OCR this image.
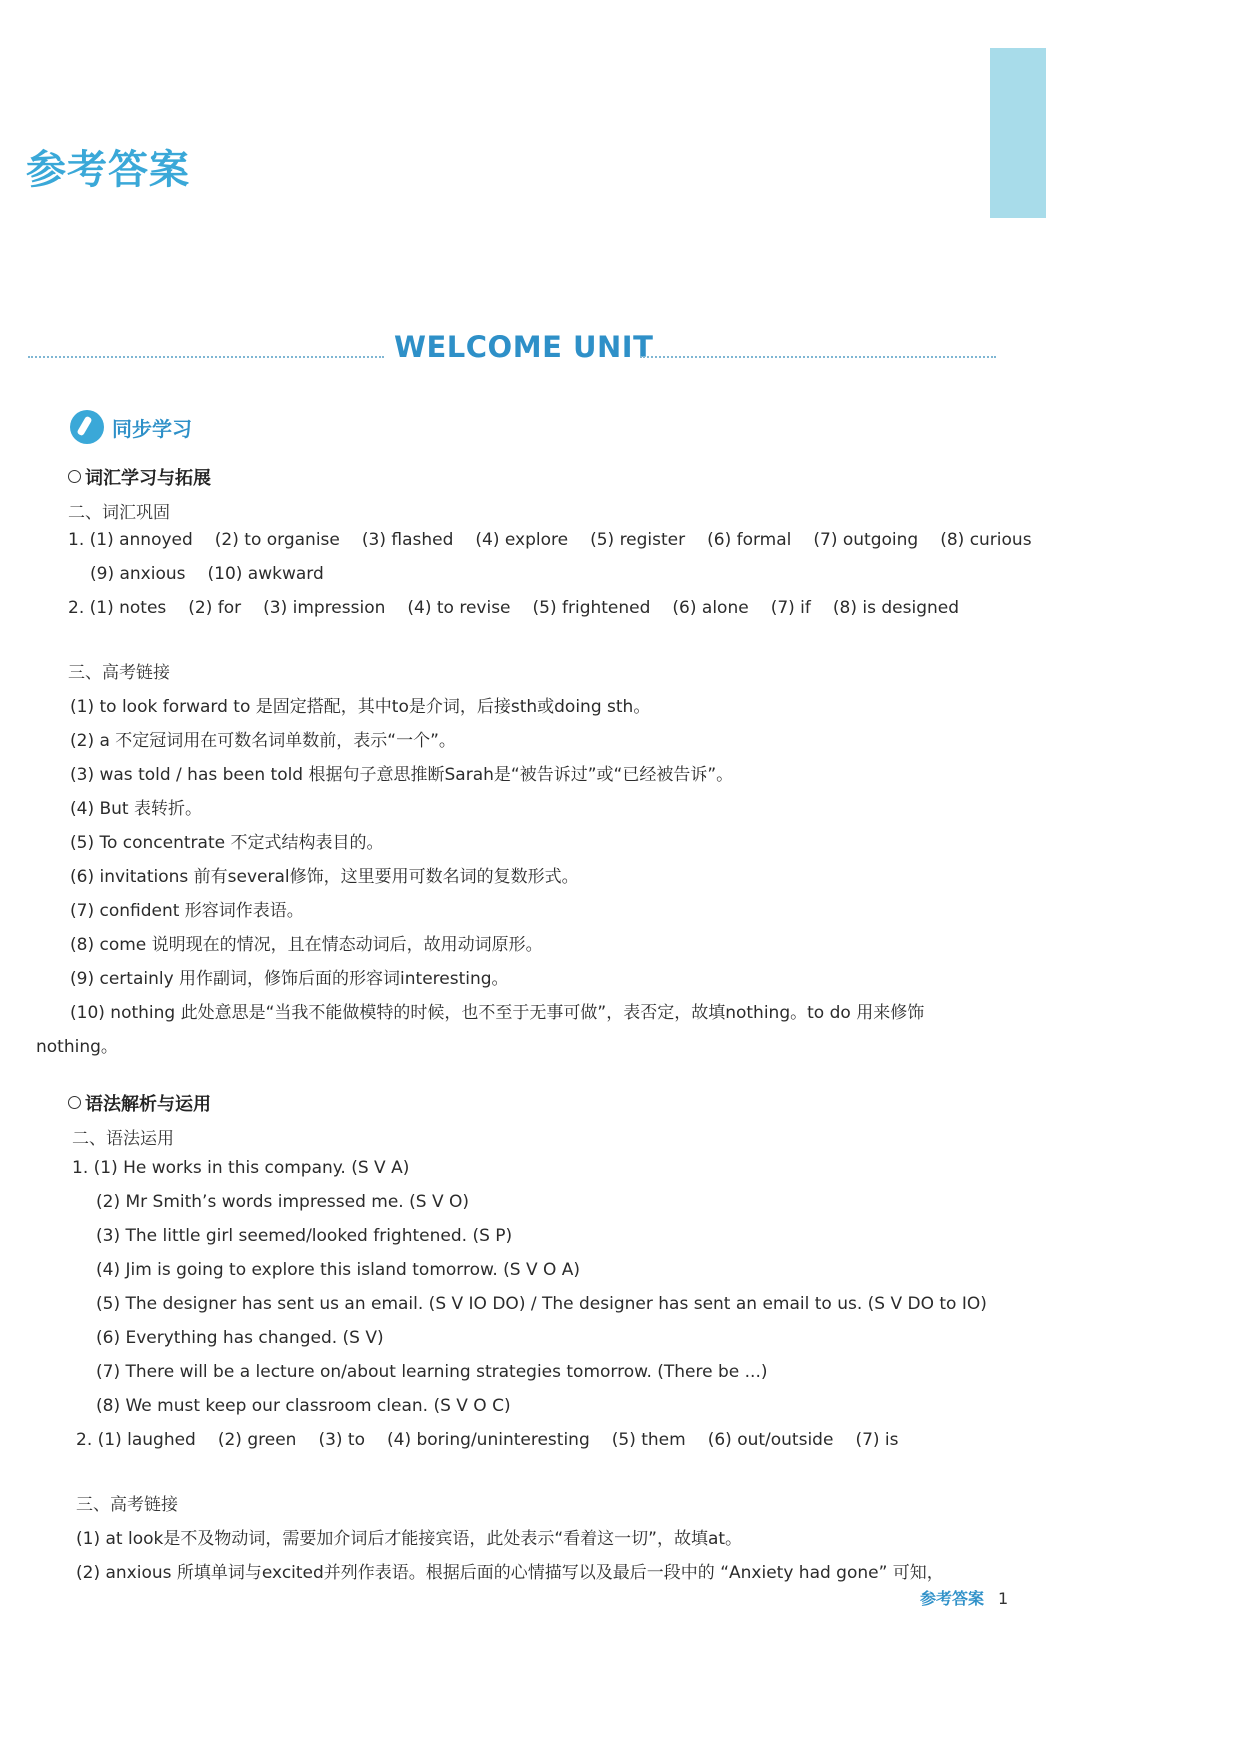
参考答案
WELCOME UNIT
同步学习
词汇学习与拓展
二、词汇巩固
1. (1) annoyed (2) to organise (3) flashed (4) explore (5) register (6) formal (7) outgoing (8) curious
(9) anxious (10) awkward
2. (1) notes (2) for (3) impression (4) to revise (5) frightened (6) alone (7) if (8) is designed
三、高考链接
(1) to look forward to 是固定搭配，其中to是介词，后接sth或doing sth。
(2) a 不定冠词用在可数名词单数前，表示“一个”。
(3) was told / has been told 根据句子意思推断Sarah是“被告诉过”或“已经被告诉”。
(4) But 表转折。
(5) To concentrate 不定式结构表目的。
(6) invitations 前有several修饰，这里要用可数名词的复数形式。
(7) confident 形容词作表语。
(8) come 说明现在的情况，且在情态动词后，故用动词原形。
(9) certainly 用作副词，修饰后面的形容词interesting。
(10) nothing 此处意思是“当我不能做模特的时候，也不至于无事可做”，表否定，故填nothing。to do 用来修饰
nothing。
语法解析与运用
二、语法运用
1. (1) He works in this company. (S V A)
(2) Mr Smith’s words impressed me. (S V O)
(3) The little girl seemed/looked frightened. (S P)
(4) Jim is going to explore this island tomorrow. (S V O A)
(5) The designer has sent us an email. (S V IO DO) / The designer has sent an email to us. (S V DO to IO)
(6) Everything has changed. (S V)
(7) There will be a lecture on/about learning strategies tomorrow. (There be ...)
(8) We must keep our classroom clean. (S V O C)
2. (1) laughed (2) green (3) to (4) boring/uninteresting (5) them (6) out/outside (7) is
三、高考链接
(1) at look是不及物动词，需要加介词后才能接宾语，此处表示“看着这一切”，故填at。
(2) anxious 所填单词与excited并列作表语。根据后面的心情描写以及最后一段中的 “Anxiety had gone” 可知，
参考答案 1
